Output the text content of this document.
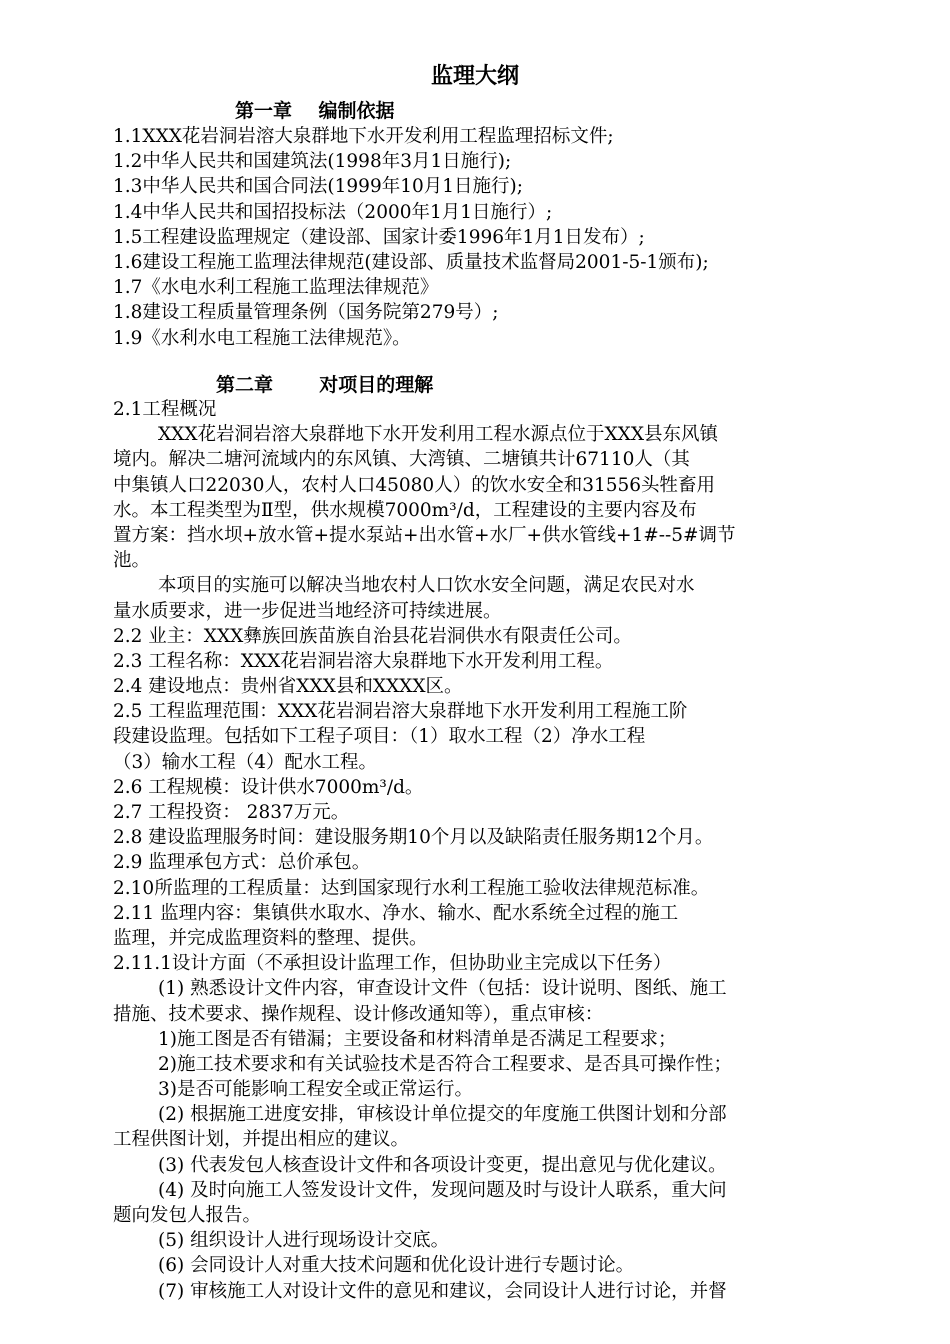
监理大纲
第一章    编制依据
1.1XXX花岩洞岩溶大泉群地下水开发利用工程监理招标文件;
1.2中华人民共和国建筑法(1998年3月1日施行);
1.3中华人民共和国合同法(1999年10月1日施行);
1.4中华人民共和国招投标法（2000年1月1日施行）;
1.5工程建设监理规定（建设部、国家计委1996年1月1日发布）;
1.6建设工程施工监理法律规范(建设部、质量技术监督局2001-5-1颁布);
1.7《水电水利工程施工监理法律规范》
1.8建设工程质量管理条例（国务院第279号）;
1.9《水利水电工程施工法律规范》。
第二章       对项目的理解
2.1工程概况
XXX花岩洞岩溶大泉群地下水开发利用工程水源点位于XXX县东风镇
境内。解决二塘河流域内的东风镇、大湾镇、二塘镇共计67110人（其
中集镇人口22030人，农村人口45080人）的饮水安全和31556头牲畜用
水。本工程类型为Ⅱ型，供水规模7000m³/d，工程建设的主要内容及布
置方案：挡水坝+放水管+提水泵站+出水管+水厂+供水管线+1#--5#调节
池。
本项目的实施可以解决当地农村人口饮水安全问题，满足农民对水
量水质要求，进一步促进当地经济可持续进展。
2.2 业主：XXX彝族回族苗族自治县花岩洞供水有限责任公司。
2.3 工程名称：XXX花岩洞岩溶大泉群地下水开发利用工程。
2.4 建设地点：贵州省XXX县和XXXX区。
2.5 工程监理范围：XXX花岩洞岩溶大泉群地下水开发利用工程施工阶
段建设监理。包括如下工程子项目：（1）取水工程（2）净水工程
（3）输水工程（4）配水工程。
2.6 工程规模：设计供水7000m³/d。
2.7 工程投资： 2837万元。
2.8 建设监理服务时间：建设服务期10个月以及缺陷责任服务期12个月。
2.9 监理承包方式：总价承包。
2.10所监理的工程质量：达到国家现行水利工程施工验收法律规范标准。
2.11 监理内容：集镇供水取水、净水、输水、配水系统全过程的施工
监理，并完成监理资料的整理、提供。
2.11.1设计方面（不承担设计监理工作，但协助业主完成以下任务）
(1) 熟悉设计文件内容，审查设计文件（包括：设计说明、图纸、施工
措施、技术要求、操作规程、设计修改通知等），重点审核：
1)施工图是否有错漏；主要设备和材料清单是否满足工程要求；
2)施工技术要求和有关试验技术是否符合工程要求、是否具可操作性；
3)是否可能影响工程安全或正常运行。
(2) 根据施工进度安排，审核设计单位提交的年度施工供图计划和分部
工程供图计划，并提出相应的建议。
(3) 代表发包人核查设计文件和各项设计变更，提出意见与优化建议。
(4) 及时向施工人签发设计文件，发现问题及时与设计人联系，重大问
题向发包人报告。
(5) 组织设计人进行现场设计交底。
(6) 会同设计人对重大技术问题和优化设计进行专题讨论。
(7) 审核施工人对设计文件的意见和建议，会同设计人进行讨论，并督
